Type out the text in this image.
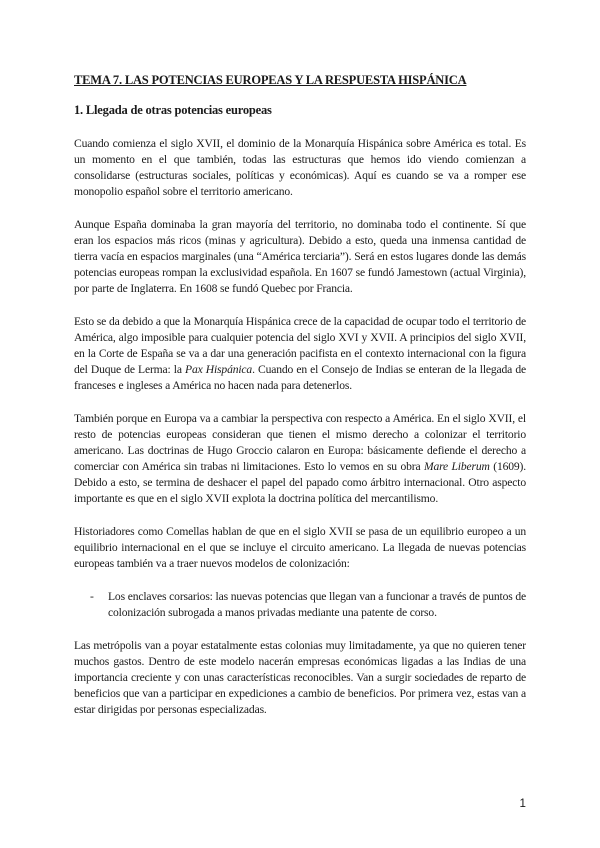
TEMA 7. LAS POTENCIAS EUROPEAS Y LA RESPUESTA HISPÁNICA
1. Llegada de otras potencias europeas

Cuando comienza el siglo XVII, el dominio de la Monarquía Hispánica sobre América es total. Es un momento en el que también, todas las estructuras que hemos ido viendo comienzan a consolidarse (estructuras sociales, políticas y económicas). Aquí es cuando se va a romper ese monopolio español sobre el territorio americano.

Aunque España dominaba la gran mayoría del territorio, no dominaba todo el continente. Sí que eran los espacios más ricos (minas y agricultura). Debido a esto, queda una inmensa cantidad de tierra vacía en espacios marginales (una “América terciaria”). Será en estos lugares donde las demás potencias europeas rompan la exclusividad española. En 1607 se fundó Jamestown (actual Virginia), por parte de Inglaterra. En 1608 se fundó Quebec por Francia.

Esto se da debido a que la Monarquía Hispánica crece de la capacidad de ocupar todo el territorio de América, algo imposible para cualquier potencia del siglo XVI y XVII. A principios del siglo XVII, en la Corte de España se va a dar una generación pacifista en el contexto internacional con la figura del Duque de Lerma: la Pax Hispánica. Cuando en el Consejo de Indias se enteran de la llegada de franceses e ingleses a América no hacen nada para detenerlos.

También porque en Europa va a cambiar la perspectiva con respecto a América. En el siglo XVII, el resto de potencias europeas consideran que tienen el mismo derecho a colonizar el territorio americano. Las doctrinas de Hugo Groccio calaron en Europa: básicamente defiende el derecho a comerciar con América sin trabas ni limitaciones. Esto lo vemos en su obra Mare Liberum (1609). Debido a esto, se termina de deshacer el papel del papado como árbitro internacional. Otro aspecto importante es que en el siglo XVII explota la doctrina política del mercantilismo.

Historiadores como Comellas hablan de que en el siglo XVII se pasa de un equilibrio europeo a un equilibrio internacional en el que se incluye el circuito americano. La llegada de nuevas potencias europeas también va a traer nuevos modelos de colonización:

- Los enclaves corsarios: las nuevas potencias que llegan van a funcionar a través de puntos de colonización subrogada a manos privadas mediante una patente de corso.

Las metrópolis van a poyar estatalmente estas colonias muy limitadamente, ya que no quieren tener muchos gastos. Dentro de este modelo nacerán empresas económicas ligadas a las Indias de una importancia creciente y con unas características reconocibles. Van a surgir sociedades de reparto de beneficios que van a participar en expediciones a cambio de beneficios. Por primera vez, estas van a estar dirigidas por personas especializadas.

1
